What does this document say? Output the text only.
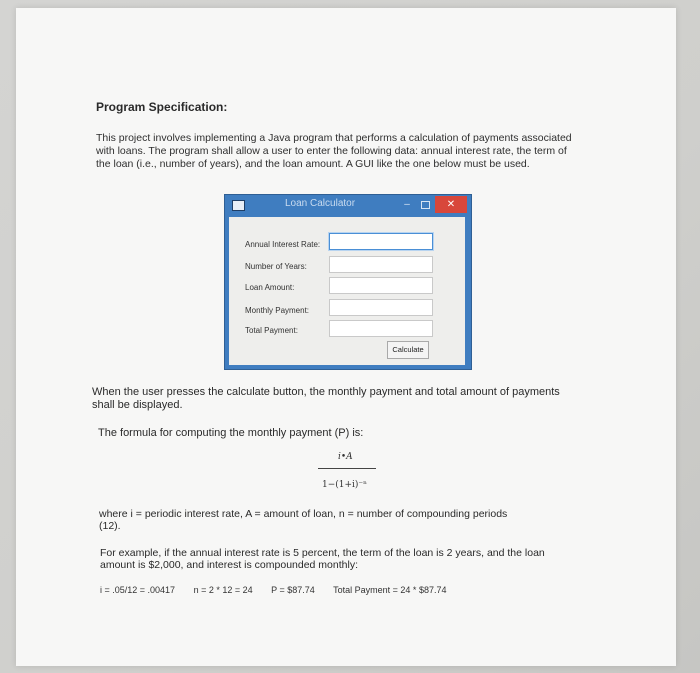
Program Specification:
This project involves implementing a Java program that performs a calculation of payments associated with loans. The program shall allow a user to enter the following data: annual interest rate, the term of the loan (i.e., number of years), and the loan amount. A GUI like the one below must be used.
Loan Calculator	–	✕
Annual Interest Rate:
Number of Years:
Loan Amount:
Monthly Payment:
Total Payment:
Calculate
When the user presses the calculate button, the monthly payment and total amount of payments shall be displayed.
The formula for computing the monthly payment (P) is:
i•A
1−(1+i)⁻ⁿ
where i = periodic interest rate, A = amount of loan, n = number of compounding periods (12).
For example, if the annual interest rate is 5 percent, the term of the loan is 2 years, and the loan amount is $2,000, and interest is compounded monthly:
i = .05/12 = .00417 n = 2 * 12 = 24 P = $87.74 Total Payment = 24 * $87.74
